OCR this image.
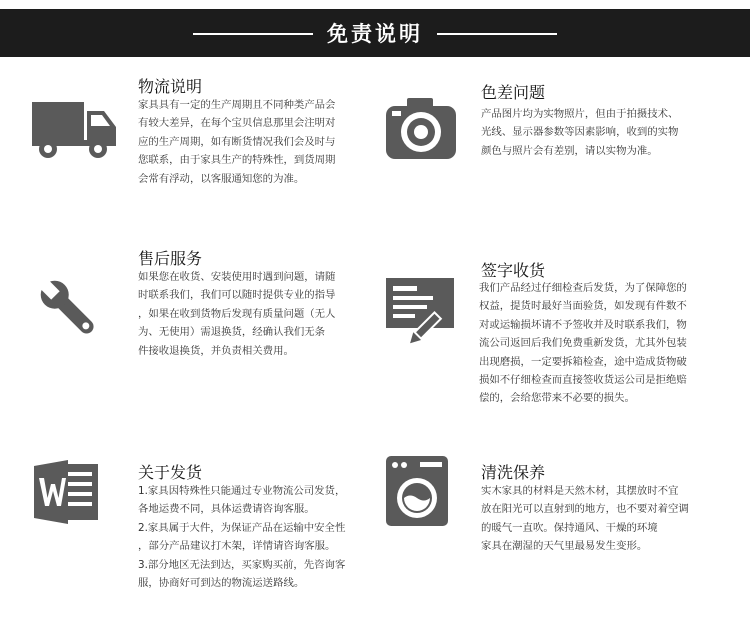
免责说明
物流说明

家具具有一定的生产周期且不同种类产品会

有较大差异，在每个宝贝信息那里会注明对

应的生产周期，如有断货情况我们会及时与

您联系，由于家具生产的特殊性，到货周期

会常有浮动，以客服通知您的为准。

色差问题

产品图片均为实物照片，但由于拍摄技术、

光线、显示器参数等因素影响，收到的实物

颜色与照片会有差别，请以实物为准。

售后服务

如果您在收货、安装使用时遇到问题，请随

时联系我们，我们可以随时提供专业的指导

，如果在收到货物后发现有质量问题（无人

为、无使用）需退换货，经确认我们无条

件接收退换货，并负责相关费用。

签字收货

我们产品经过仔细检查后发货，为了保障您的

权益，提货时最好当面验货，如发现有件数不

对或运输损坏请不予签收并及时联系我们，物

流公司返回后我们免费重新发货，尤其外包装

出现磨损，一定要拆箱检查，途中造成货物破

损如不仔细检查而直接签收货运公司是拒绝赔

偿的，会给您带来不必要的损失。

关于发货

1.家具因特殊性只能通过专业物流公司发货，

各地运费不同，具体运费请咨询客服。

2.家具属于大件，为保证产品在运输中安全性

，部分产品建议打木架，详情请咨询客服。

3.部分地区无法到达，买家购买前，先咨询客

服，协商好可到达的物流运送路线。

清洗保养

实木家具的材料是天然木材，其摆放时不宜

放在阳光可以直射到的地方，也不要对着空调

的暖气一直吹。保持通风、干燥的环境

家具在潮湿的天气里最易发生变形。
